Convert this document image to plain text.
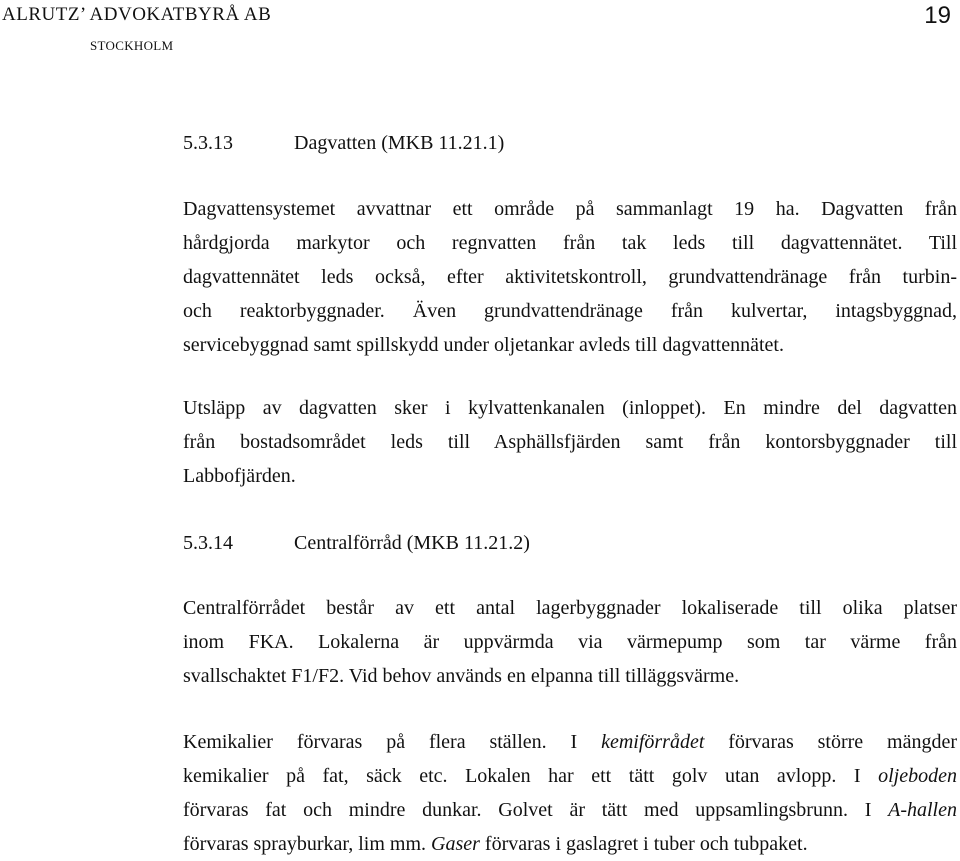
ALRUTZ’ ADVOKATBYRÅ AB
STOCKHOLM
19
5.3.13	Dagvatten (MKB 11.21.1)
Dagvattensystemet avvattnar ett område på sammanlagt 19 ha. Dagvatten från
hårdgjorda markytor och regnvatten från tak leds till dagvattennätet. Till
dagvattennätet leds också, efter aktivitetskontroll, grundvattendränage från turbin-
och reaktorbyggnader. Även grundvattendränage från kulvertar, intagsbyggnad,
servicebyggnad samt spillskydd under oljetankar avleds till dagvattennätet.
Utsläpp av dagvatten sker i kylvattenkanalen (inloppet). En mindre del dagvatten
från bostadsområdet leds till Asphällsfjärden samt från kontorsbyggnader till
Labbofjärden.
5.3.14	Centralförråd (MKB 11.21.2)
Centralförrådet består av ett antal lagerbyggnader lokaliserade till olika platser
inom FKA. Lokalerna är uppvärmda via värmepump som tar värme från
svallschaktet F1/F2. Vid behov används en elpanna till tilläggsvärme.
Kemikalier förvaras på flera ställen. I kemiförrådet förvaras större mängder
kemikalier på fat, säck etc. Lokalen har ett tätt golv utan avlopp. I oljeboden
förvaras fat och mindre dunkar. Golvet är tätt med uppsamlingsbrunn. I A-hallen
förvaras sprayburkar, lim mm. Gaser förvaras i gaslagret i tuber och tubpaket.
